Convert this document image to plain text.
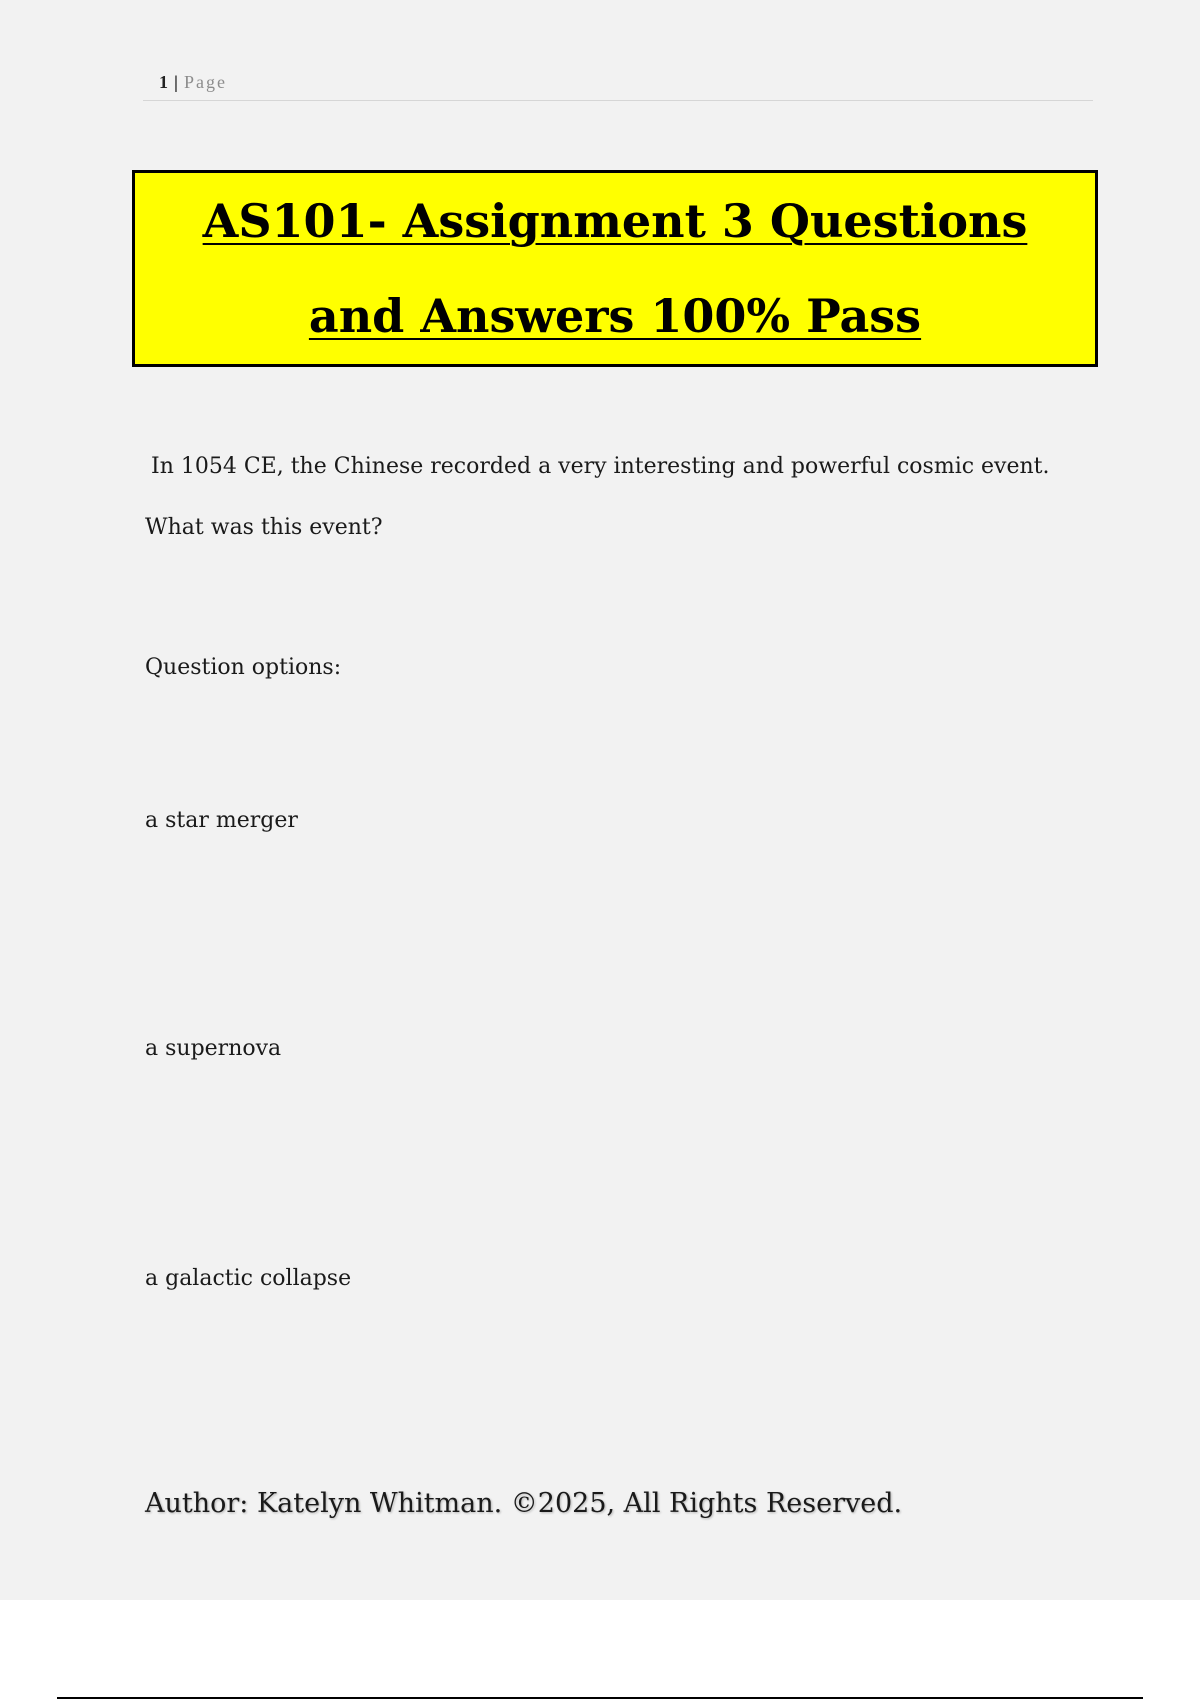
1 | Page
AS101- Assignment 3 Questions and Answers 100% Pass

In 1054 CE, the Chinese recorded a very interesting and powerful cosmic event. What was this event?

Question options:

a star merger

a supernova

a galactic collapse

Author: Katelyn Whitman. ©2025, All Rights Reserved.
